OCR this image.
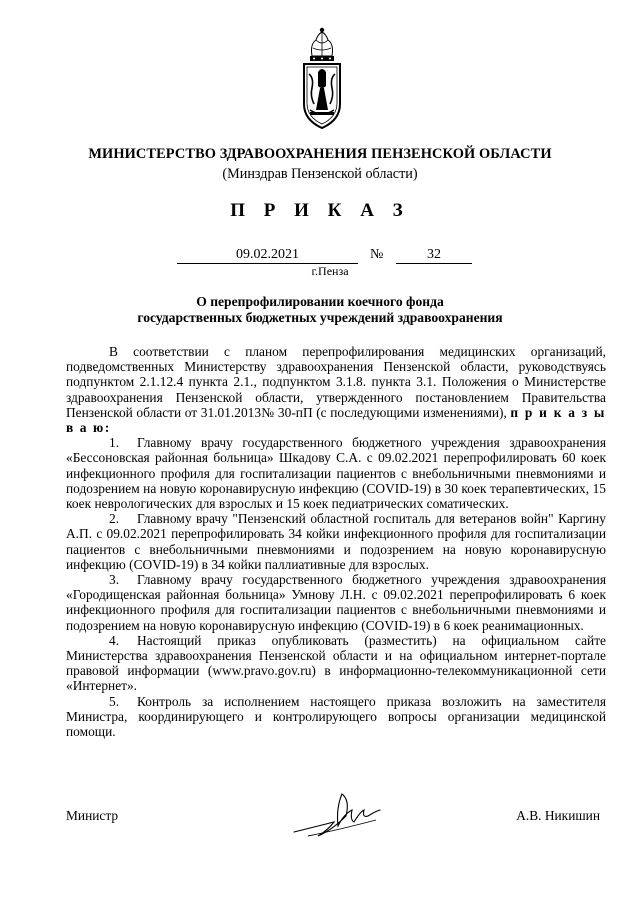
МИНИСТЕРСТВО ЗДРАВООХРАНЕНИЯ ПЕНЗЕНСКОЙ ОБЛАСТИ
(Минздрав Пензенской области)
П Р И К А З
09.02.2021	№	32
г.Пенза
О перепрофилировании коечного фонда
государственных бюджетных учреждений здравоохранения

В соответствии с планом перепрофилирования медицинских организаций, подведомственных Министерству здравоохранения Пензенской области, руководствуясь подпунктом 2.1.12.4 пункта 2.1., подпунктом 3.1.8. пункта 3.1. Положения о Министерстве здравоохранения Пензенской области, утвержденного постановлением Правительства Пензенской области от 31.01.2013№ 30-пП (с последующими изменениями), п р и к а з ы в а ю:

1. Главному врачу государственного бюджетного учреждения здравоохранения «Бессоновская районная больница» Шкадову С.А. с 09.02.2021 перепрофилировать 60 коек инфекционного профиля для госпитализации пациентов с внебольничными пневмониями и подозрением на новую коронавирусную инфекцию (COVID-19) в 30 коек терапевтических, 15 коек неврологических для взрослых и 15 коек педиатрических соматических.

2. Главному врачу "Пензенский областной госпиталь для ветеранов войн" Каргину А.П. с 09.02.2021 перепрофилировать 34 койки инфекционного профиля для госпитализации пациентов с внебольничными пневмониями и подозрением на новую коронавирусную инфекцию (COVID-19) в 34 койки паллиативные для взрослых.

3. Главному врачу государственного бюджетного учреждения здравоохранения «Городищенская районная больница» Умнову Л.Н. с 09.02.2021 перепрофилировать 6 коек инфекционного профиля для госпитализации пациентов с внебольничными пневмониями и подозрением на новую коронавирусную инфекцию (COVID-19) в 6 коек реанимационных.

4. Настоящий приказ опубликовать (разместить) на официальном сайте Министерства здравоохранения Пензенской области и на официальном интернет-портале правовой информации (www.pravo.gov.ru) в информационно-телекоммуникационной сети «Интернет».

5. Контроль за исполнением настоящего приказа возложить на заместителя Министра, координирующего и контролирующего вопросы организации медицинской помощи.

Министр	А.В. Никишин
